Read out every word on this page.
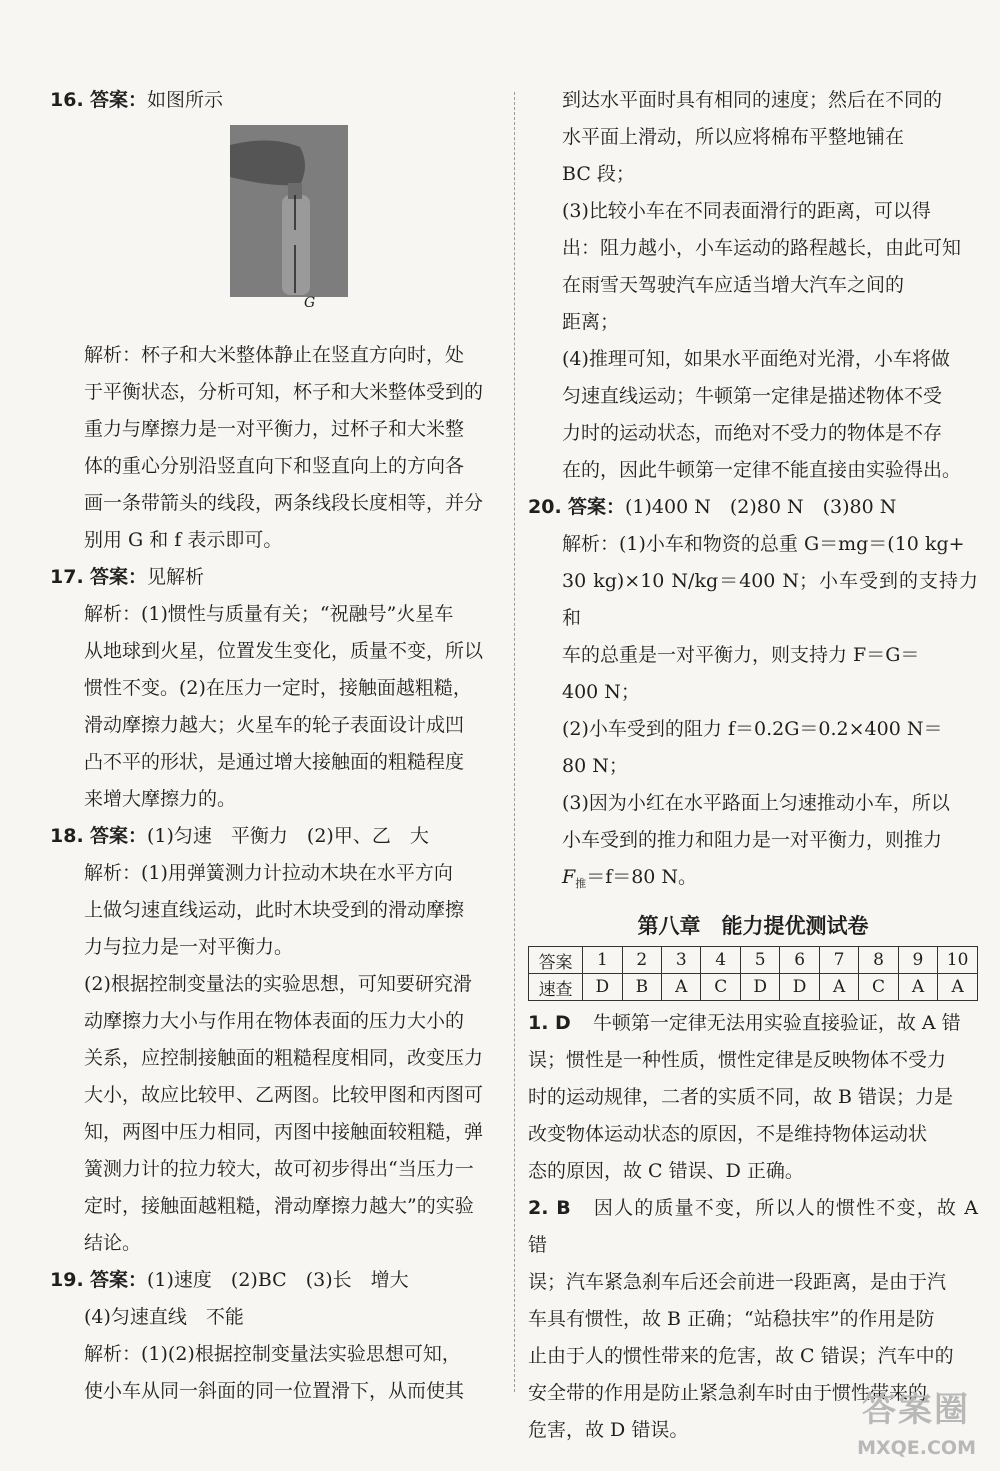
16. 答案：如图所示

G

解析：杯子和大米整体静止在竖直方向时，处

于平衡状态，分析可知，杯子和大米整体受到的

重力与摩擦力是一对平衡力，过杯子和大米整

体的重心分别沿竖直向下和竖直向上的方向各

画一条带箭头的线段，两条线段长度相等，并分

别用 G 和 f 表示即可。

17. 答案：见解析

解析：(1)惯性与质量有关；“祝融号”火星车

从地球到火星，位置发生变化，质量不变，所以

惯性不变。(2)在压力一定时，接触面越粗糙，

滑动摩擦力越大；火星车的轮子表面设计成凹

凸不平的形状，是通过增大接触面的粗糙程度

来增大摩擦力的。

18. 答案：(1)匀速　平衡力　(2)甲、乙　大

解析：(1)用弹簧测力计拉动木块在水平方向

上做匀速直线运动，此时木块受到的滑动摩擦

力与拉力是一对平衡力。

(2)根据控制变量法的实验思想，可知要研究滑

动摩擦力大小与作用在物体表面的压力大小的

关系，应控制接触面的粗糙程度相同，改变压力

大小，故应比较甲、乙两图。比较甲图和丙图可

知，两图中压力相同，丙图中接触面较粗糙，弹

簧测力计的拉力较大，故可初步得出“当压力一

定时，接触面越粗糙，滑动摩擦力越大”的实验

结论。

19. 答案：(1)速度　(2)BC　(3)长　增大

(4)匀速直线　不能

解析：(1)(2)根据控制变量法实验思想可知，

使小车从同一斜面的同一位置滑下，从而使其

到达水平面时具有相同的速度；然后在不同的

水平面上滑动，所以应将棉布平整地铺在

BC 段；

(3)比较小车在不同表面滑行的距离，可以得

出：阻力越小，小车运动的路程越长，由此可知

在雨雪天驾驶汽车应适当增大汽车之间的

距离；

(4)推理可知，如果水平面绝对光滑，小车将做

匀速直线运动；牛顿第一定律是描述物体不受

力时的运动状态，而绝对不受力的物体是不存

在的，因此牛顿第一定律不能直接由实验得出。

20. 答案：(1)400 N　(2)80 N　(3)80 N

解析：(1)小车和物资的总重 G＝mg＝(10 kg+

30 kg)×10 N/kg＝400 N；小车受到的支持力和

车的总重是一对平衡力，则支持力 F＝G＝

400 N；

(2)小车受到的阻力 f＝0.2G＝0.2×400 N＝

80 N；

(3)因为小红在水平路面上匀速推动小车，所以

小车受到的推力和阻力是一对平衡力，则推力

$F_推=f=80$ N。

第八章　能力提优测试卷
答案	1	2	3	4	5	6	7	8	9	10
速查	D	B	A	C	D	D	A	C	A	A

1. D 牛顿第一定律无法用实验直接验证，故 A 错

误；惯性是一种性质，惯性定律是反映物体不受力

时的运动规律，二者的实质不同，故 B 错误；力是

改变物体运动状态的原因，不是维持物体运动状

态的原因，故 C 错误、D 正确。

2. B 因人的质量不变，所以人的惯性不变，故 A 错

误；汽车紧急刹车后还会前进一段距离，是由于汽

车具有惯性，故 B 正确；“站稳扶牢”的作用是防

止由于人的惯性带来的危害，故 C 错误；汽车中的

安全带的作用是防止紧急刹车时由于惯性带来的

危害，故 D 错误。	答案圈
MXQE.COM
